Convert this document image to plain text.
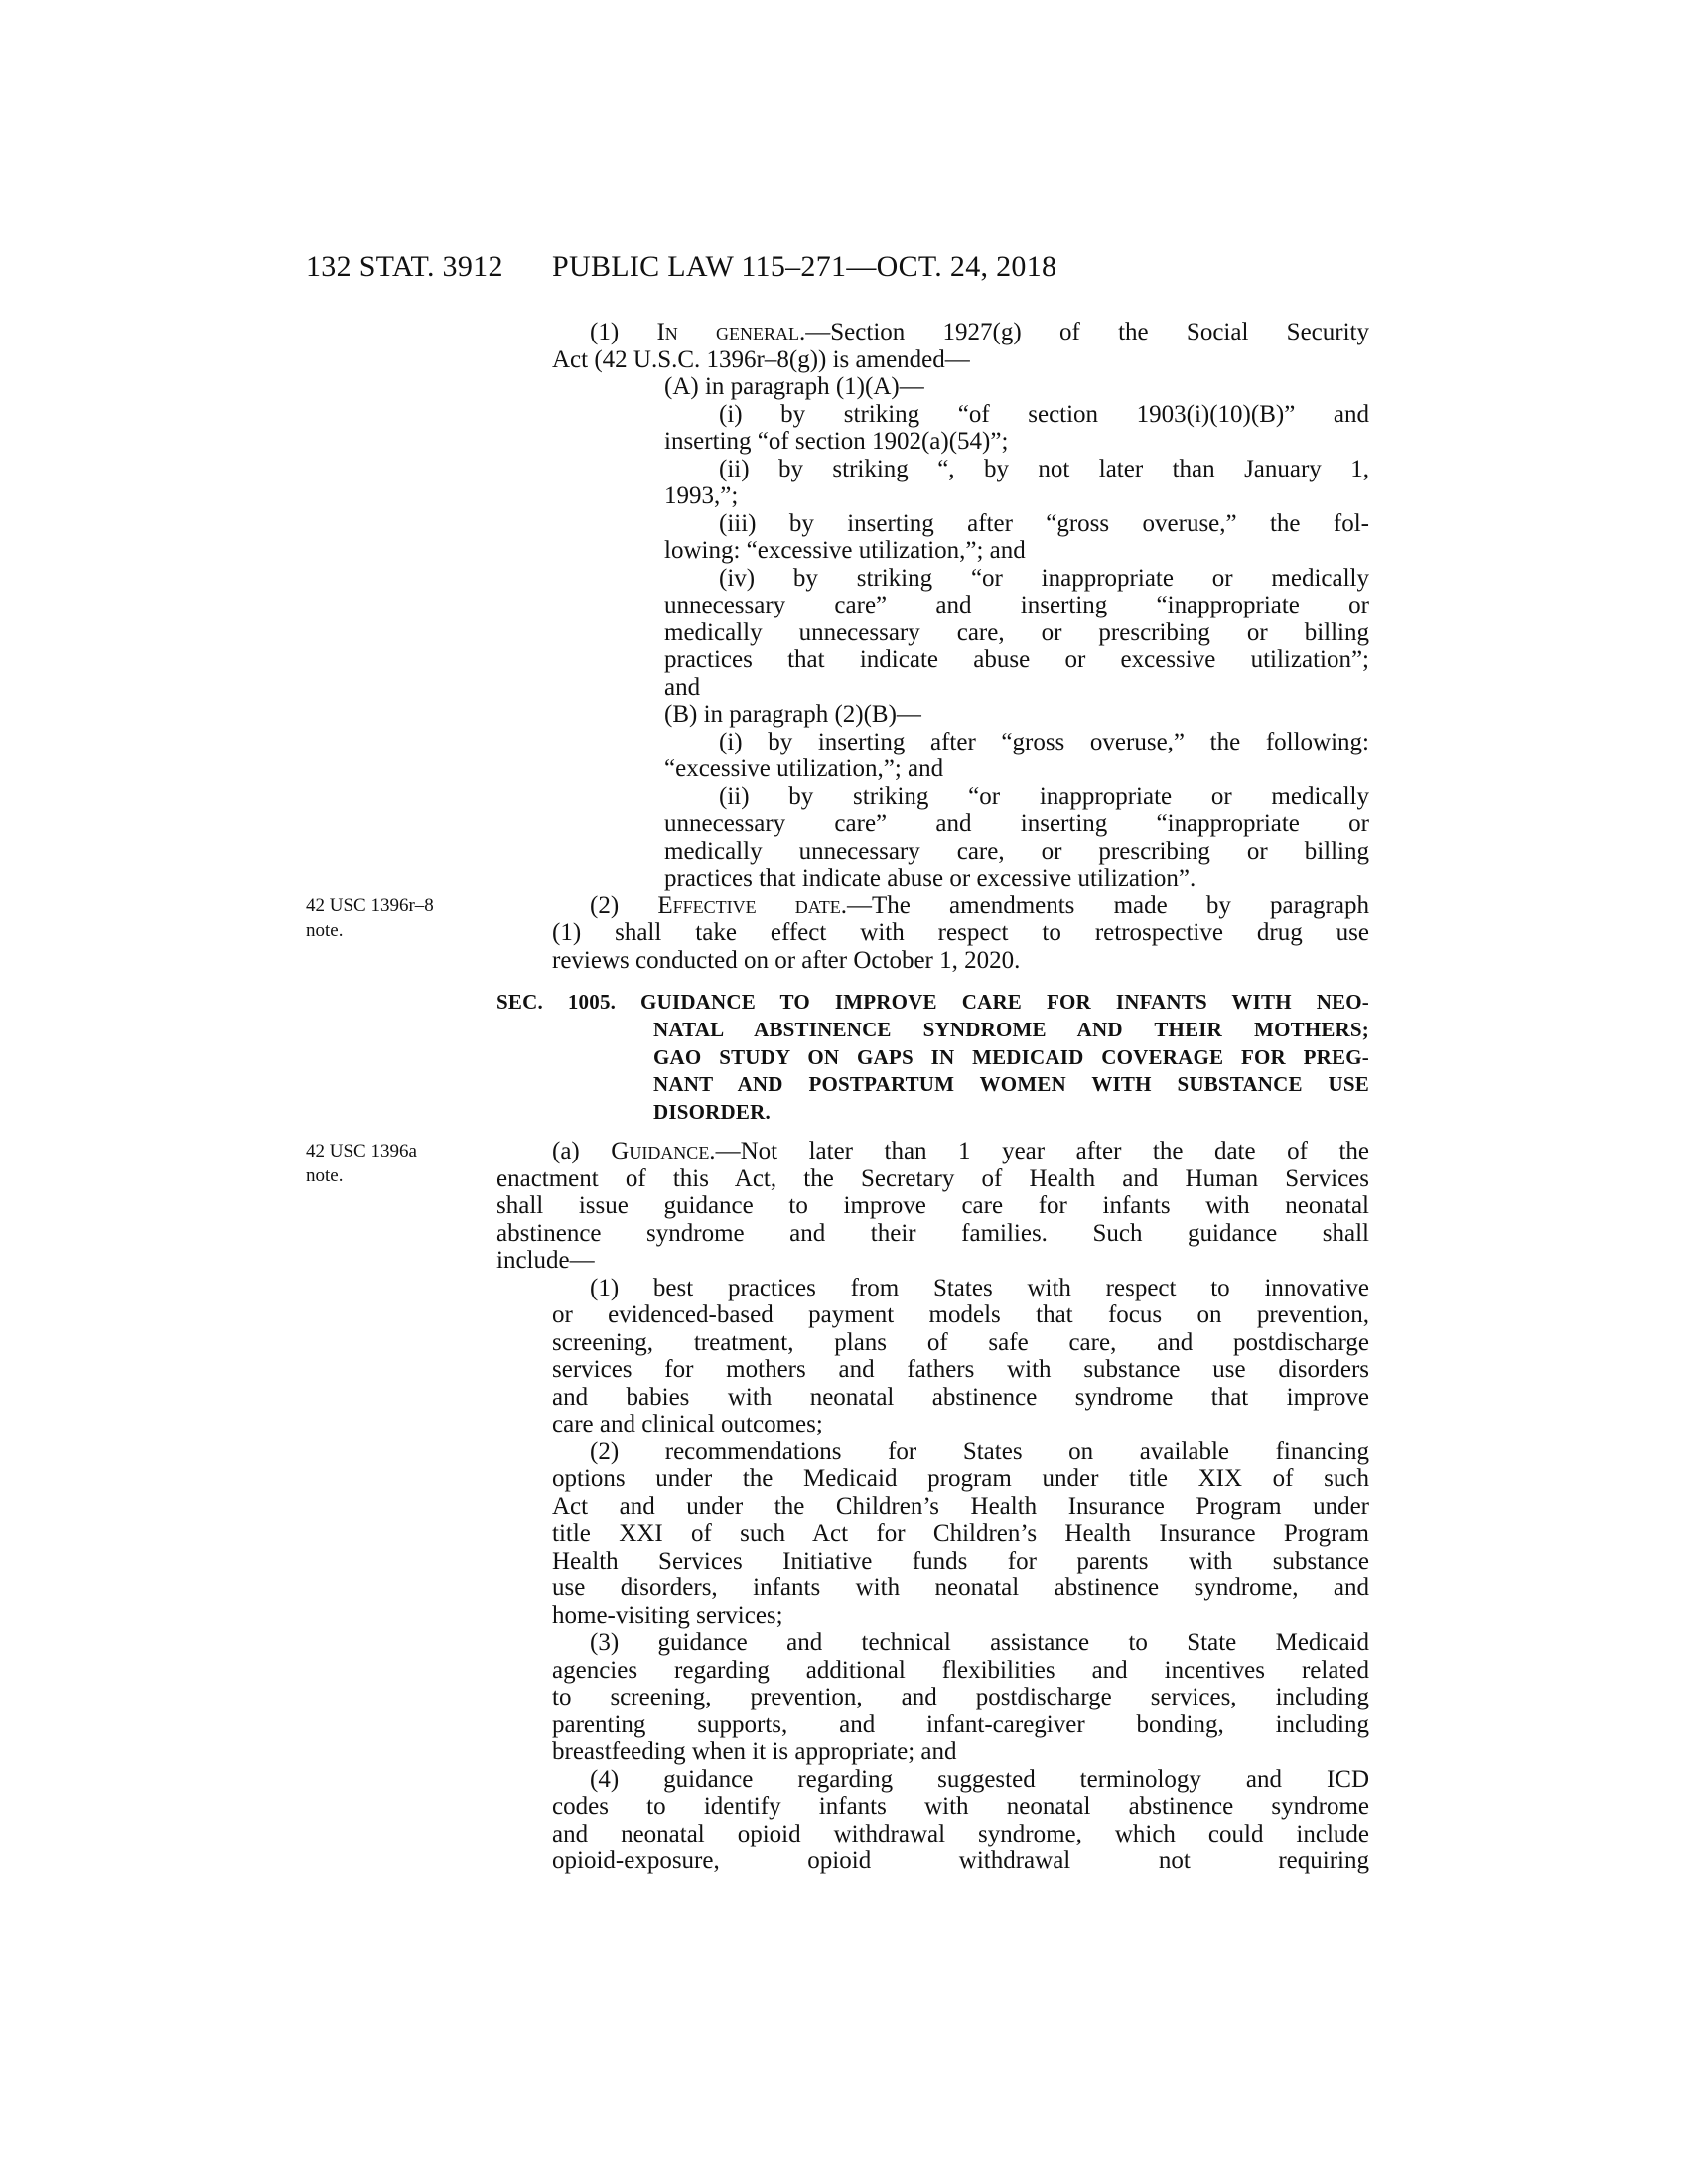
132 STAT. 3912 PUBLIC LAW 115–271—OCT. 24, 2018
42 USC 1396r–8
note.
42 USC 1396a
note.
(1) In general.—Section 1927(g) of the Social Security
Act (42 U.S.C. 1396r–8(g)) is amended—
(A) in paragraph (1)(A)—
(i) by striking “of section 1903(i)(10)(B)” and
inserting “of section 1902(a)(54)”;
(ii) by striking “, by not later than January 1,
1993,”;
(iii) by inserting after “gross overuse,” the fol-
lowing: “excessive utilization,”; and
(iv) by striking “or inappropriate or medically
unnecessary care” and inserting “inappropriate or
medically unnecessary care, or prescribing or billing
practices that indicate abuse or excessive utilization”;
and
(B) in paragraph (2)(B)—
(i) by inserting after “gross overuse,” the following:
“excessive utilization,”; and
(ii) by striking “or inappropriate or medically
unnecessary care” and inserting “inappropriate or
medically unnecessary care, or prescribing or billing
practices that indicate abuse or excessive utilization”.
(2) Effective date.—The amendments made by paragraph
(1) shall take effect with respect to retrospective drug use
reviews conducted on or after October 1, 2020.
SEC. 1005. GUIDANCE TO IMPROVE CARE FOR INFANTS WITH NEO-
NATAL ABSTINENCE SYNDROME AND THEIR MOTHERS;
GAO STUDY ON GAPS IN MEDICAID COVERAGE FOR PREG-
NANT AND POSTPARTUM WOMEN WITH SUBSTANCE USE
DISORDER.
(a) Guidance.—Not later than 1 year after the date of the
enactment of this Act, the Secretary of Health and Human Services
shall issue guidance to improve care for infants with neonatal
abstinence syndrome and their families. Such guidance shall
include—
(1) best practices from States with respect to innovative
or evidenced-based payment models that focus on prevention,
screening, treatment, plans of safe care, and postdischarge
services for mothers and fathers with substance use disorders
and babies with neonatal abstinence syndrome that improve
care and clinical outcomes;
(2) recommendations for States on available financing
options under the Medicaid program under title XIX of such
Act and under the Children’s Health Insurance Program under
title XXI of such Act for Children’s Health Insurance Program
Health Services Initiative funds for parents with substance
use disorders, infants with neonatal abstinence syndrome, and
home-visiting services;
(3) guidance and technical assistance to State Medicaid
agencies regarding additional flexibilities and incentives related
to screening, prevention, and postdischarge services, including
parenting supports, and infant-caregiver bonding, including
breastfeeding when it is appropriate; and
(4) guidance regarding suggested terminology and ICD
codes to identify infants with neonatal abstinence syndrome
and neonatal opioid withdrawal syndrome, which could include
opioid-exposure, opioid withdrawal not requiring
